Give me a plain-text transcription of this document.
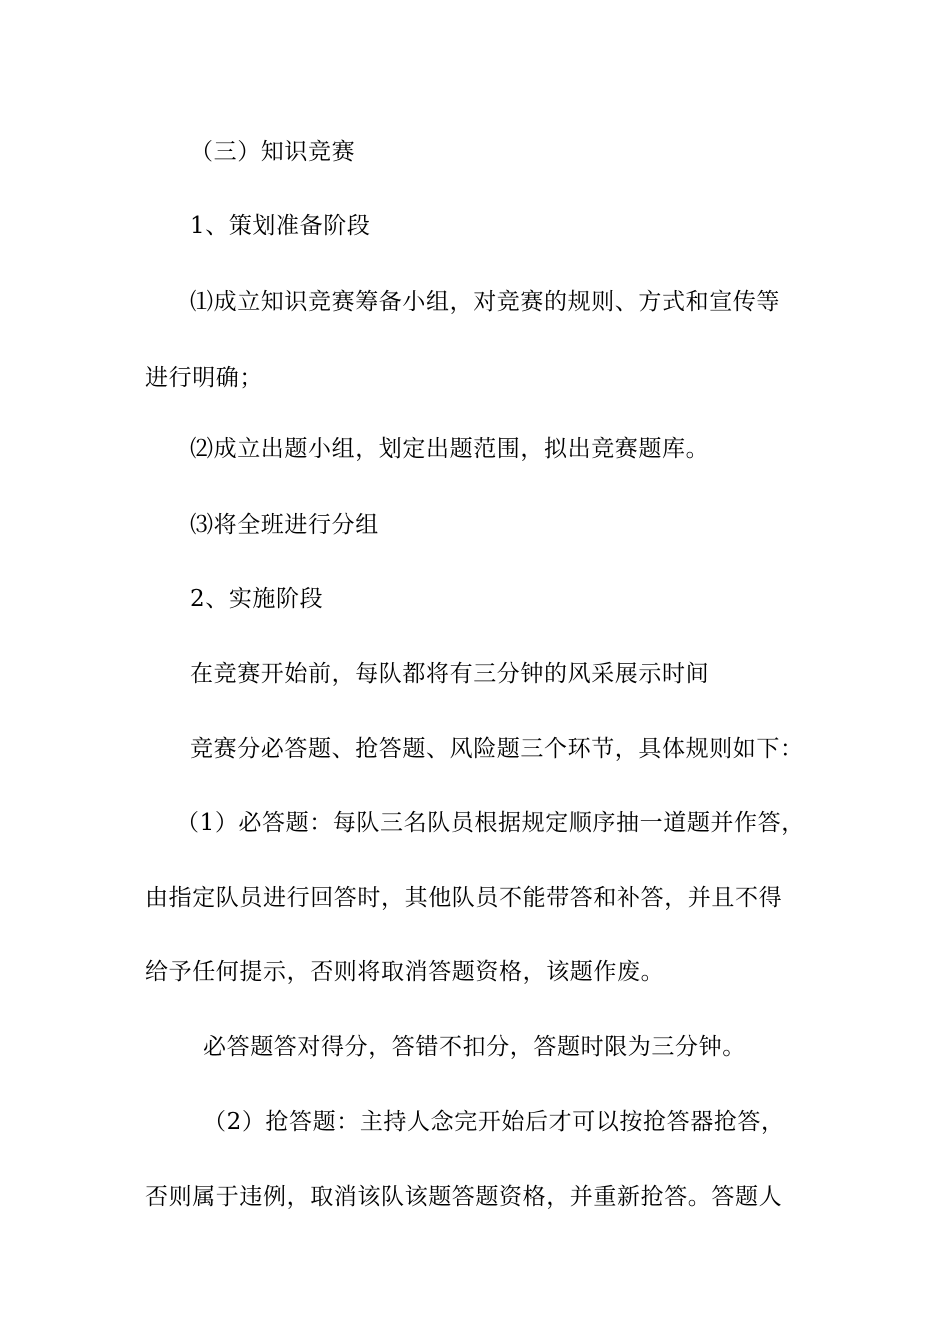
（三）知识竞赛
1、策划准备阶段
⑴成立知识竞赛筹备小组，对竞赛的规则、方式和宣传等
进行明确；
⑵成立出题小组，划定出题范围，拟出竞赛题库。
⑶将全班进行分组
2、实施阶段
在竞赛开始前，每队都将有三分钟的风采展示时间
竞赛分必答题、抢答题、风险题三个环节，具体规则如下：
（1）必答题：每队三名队员根据规定顺序抽一道题并作答，
由指定队员进行回答时，其他队员不能带答和补答，并且不得
给予任何提示，否则将取消答题资格，该题作废。
必答题答对得分，答错不扣分，答题时限为三分钟。
（2）抢答题：主持人念完开始后才可以按抢答器抢答，
否则属于违例，取消该队该题答题资格，并重新抢答。答题人
